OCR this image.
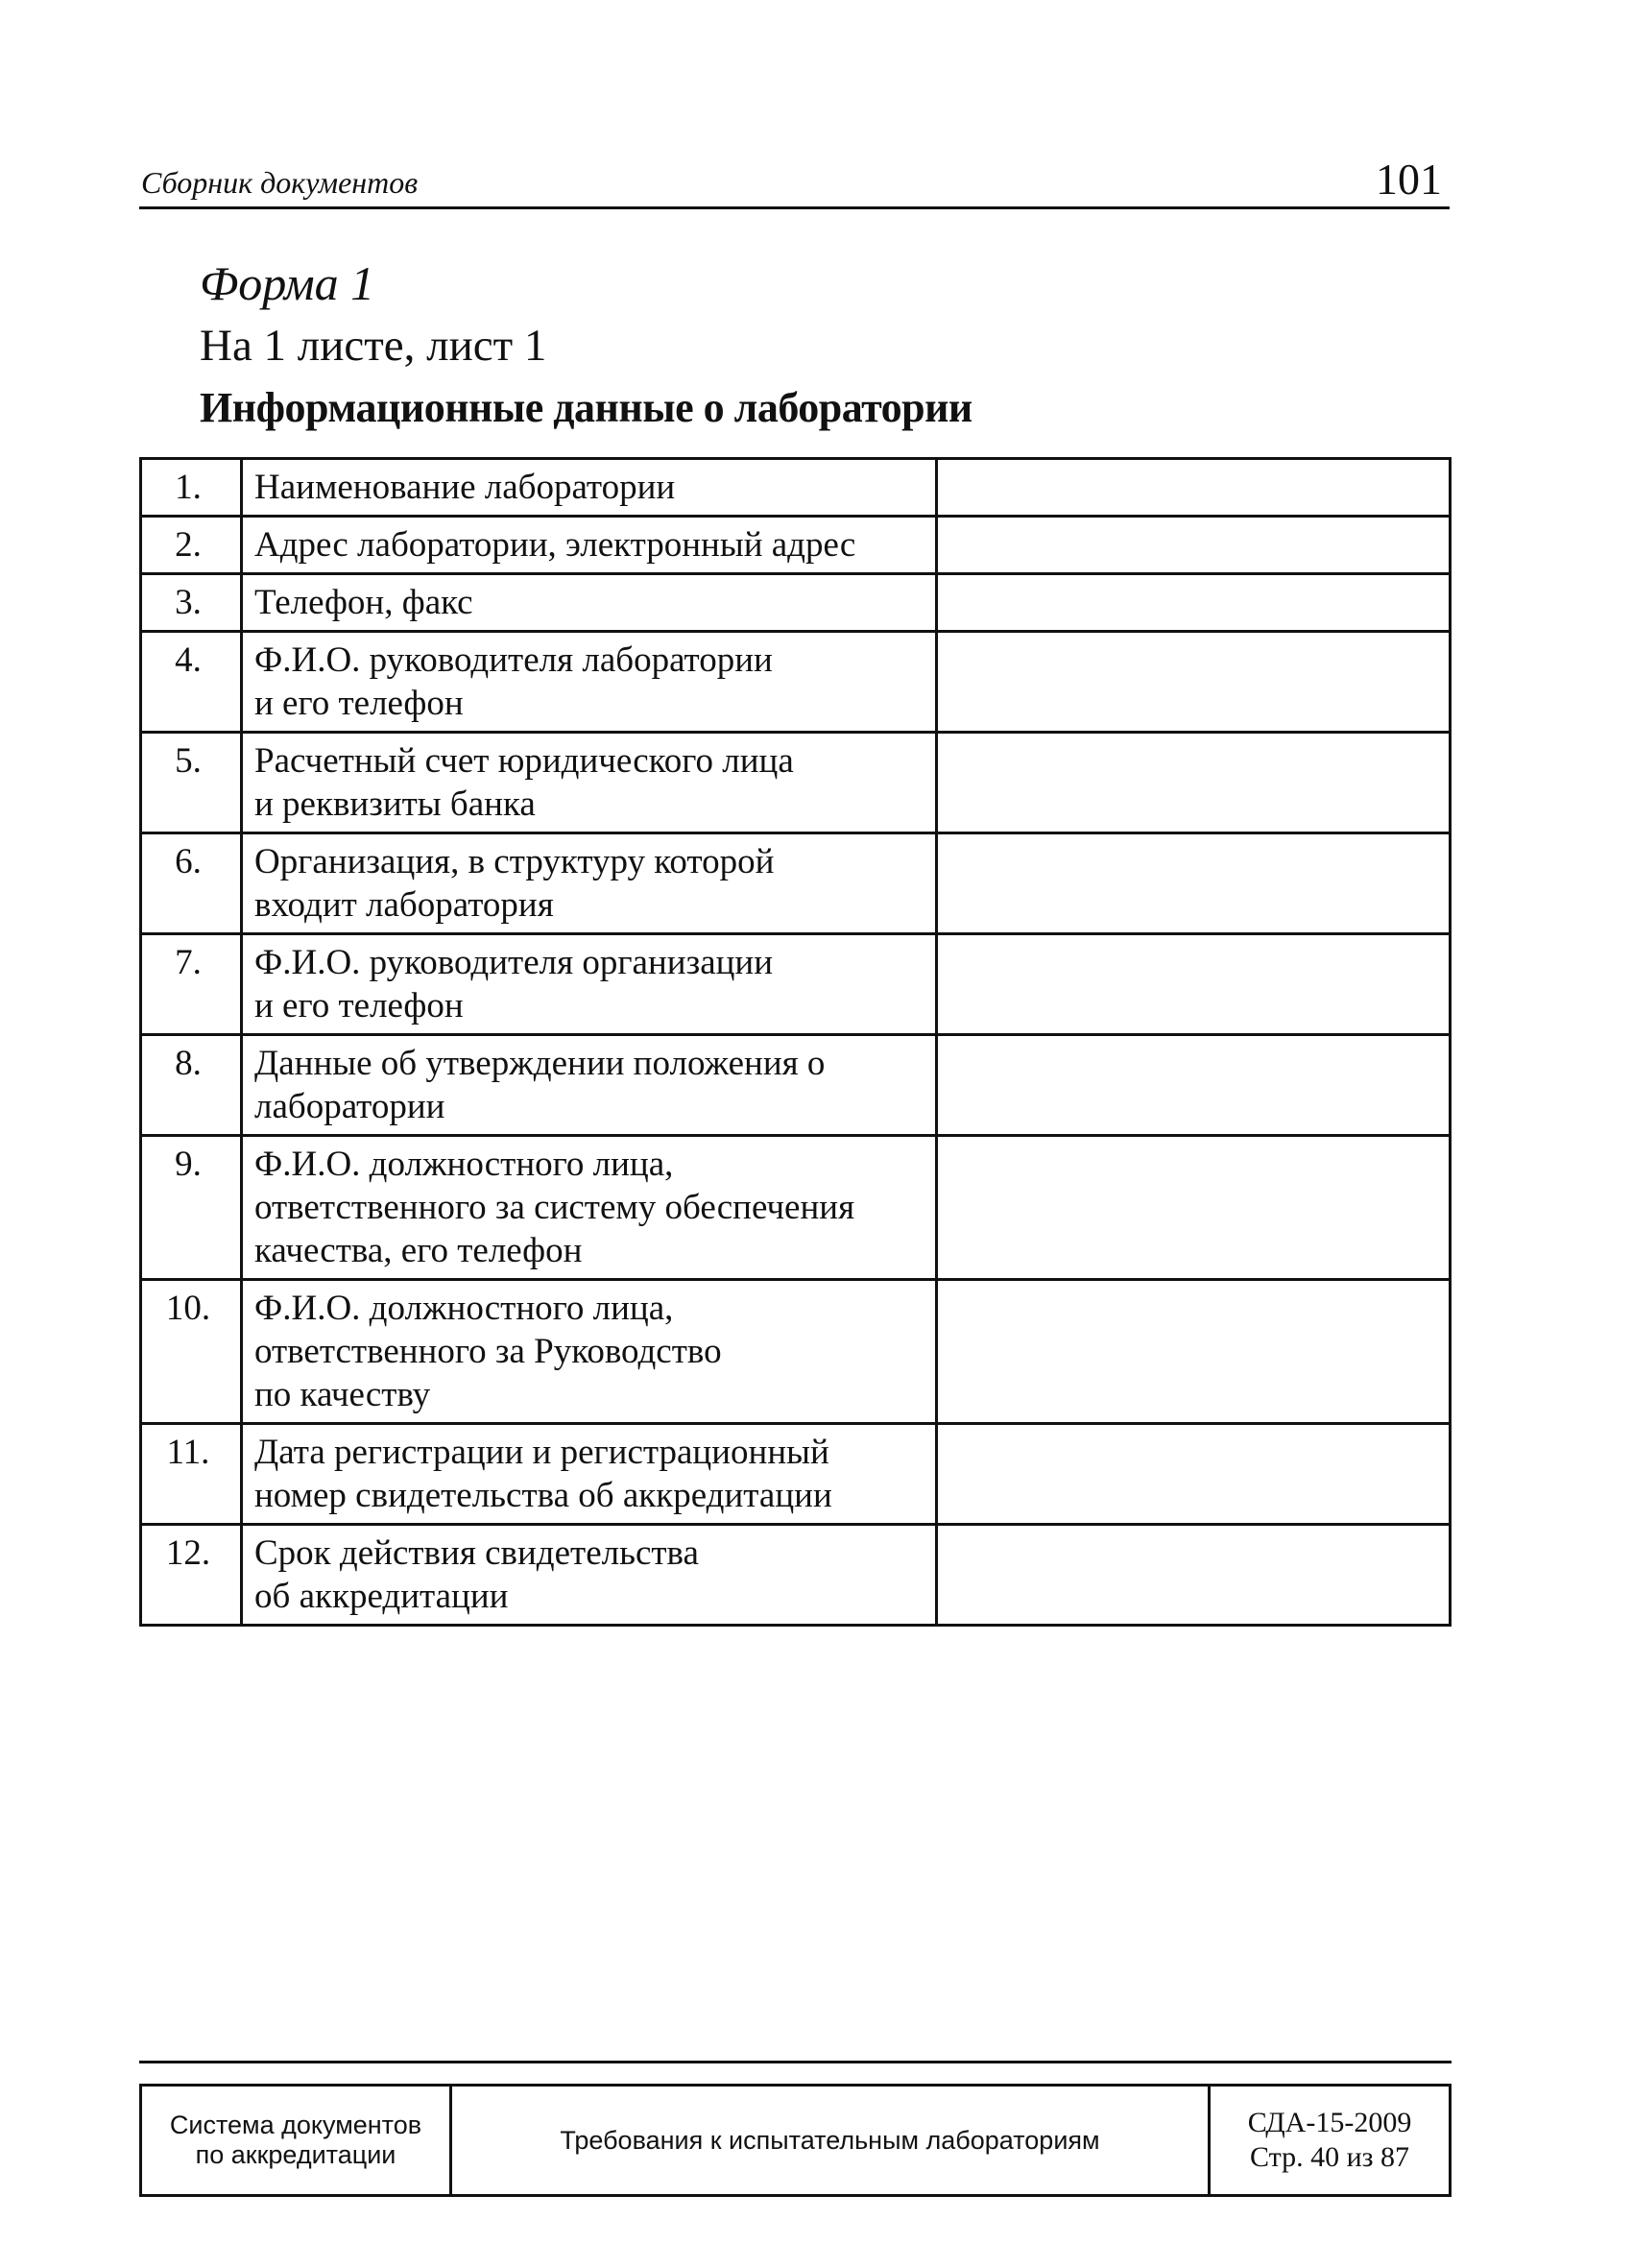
Сборник документов	101
Форма 1
На 1 листе, лист 1
Информационные данные о лаборатории
1.	Наименование лаборатории	

2.	Адрес лаборатории, электронный адрес	

3.	Телефон, факс	

4.	Ф.И.О. руководителя лаборатории
и его телефон	

5.	Расчетный счет юридического лица
и реквизиты банка	

6.	Организация, в структуру которой
входит лаборатория	

7.	Ф.И.О. руководителя организации
и его телефон	

8.	Данные об утверждении положения о
лаборатории	

9.	Ф.И.О. должностного лица,
ответственного за систему обеспечения
качества, его телефон	

10.	Ф.И.О. должностного лица,
ответственного за Руководство
по качеству	

11.	Дата регистрации и регистрационный
номер свидетельства об аккредитации	

12.	Срок действия свидетельства
об аккредитации	

Система документов
по аккредитации
	Требования к испытательным лабораториям	
СДА-15-2009
Стр. 40 из 87
